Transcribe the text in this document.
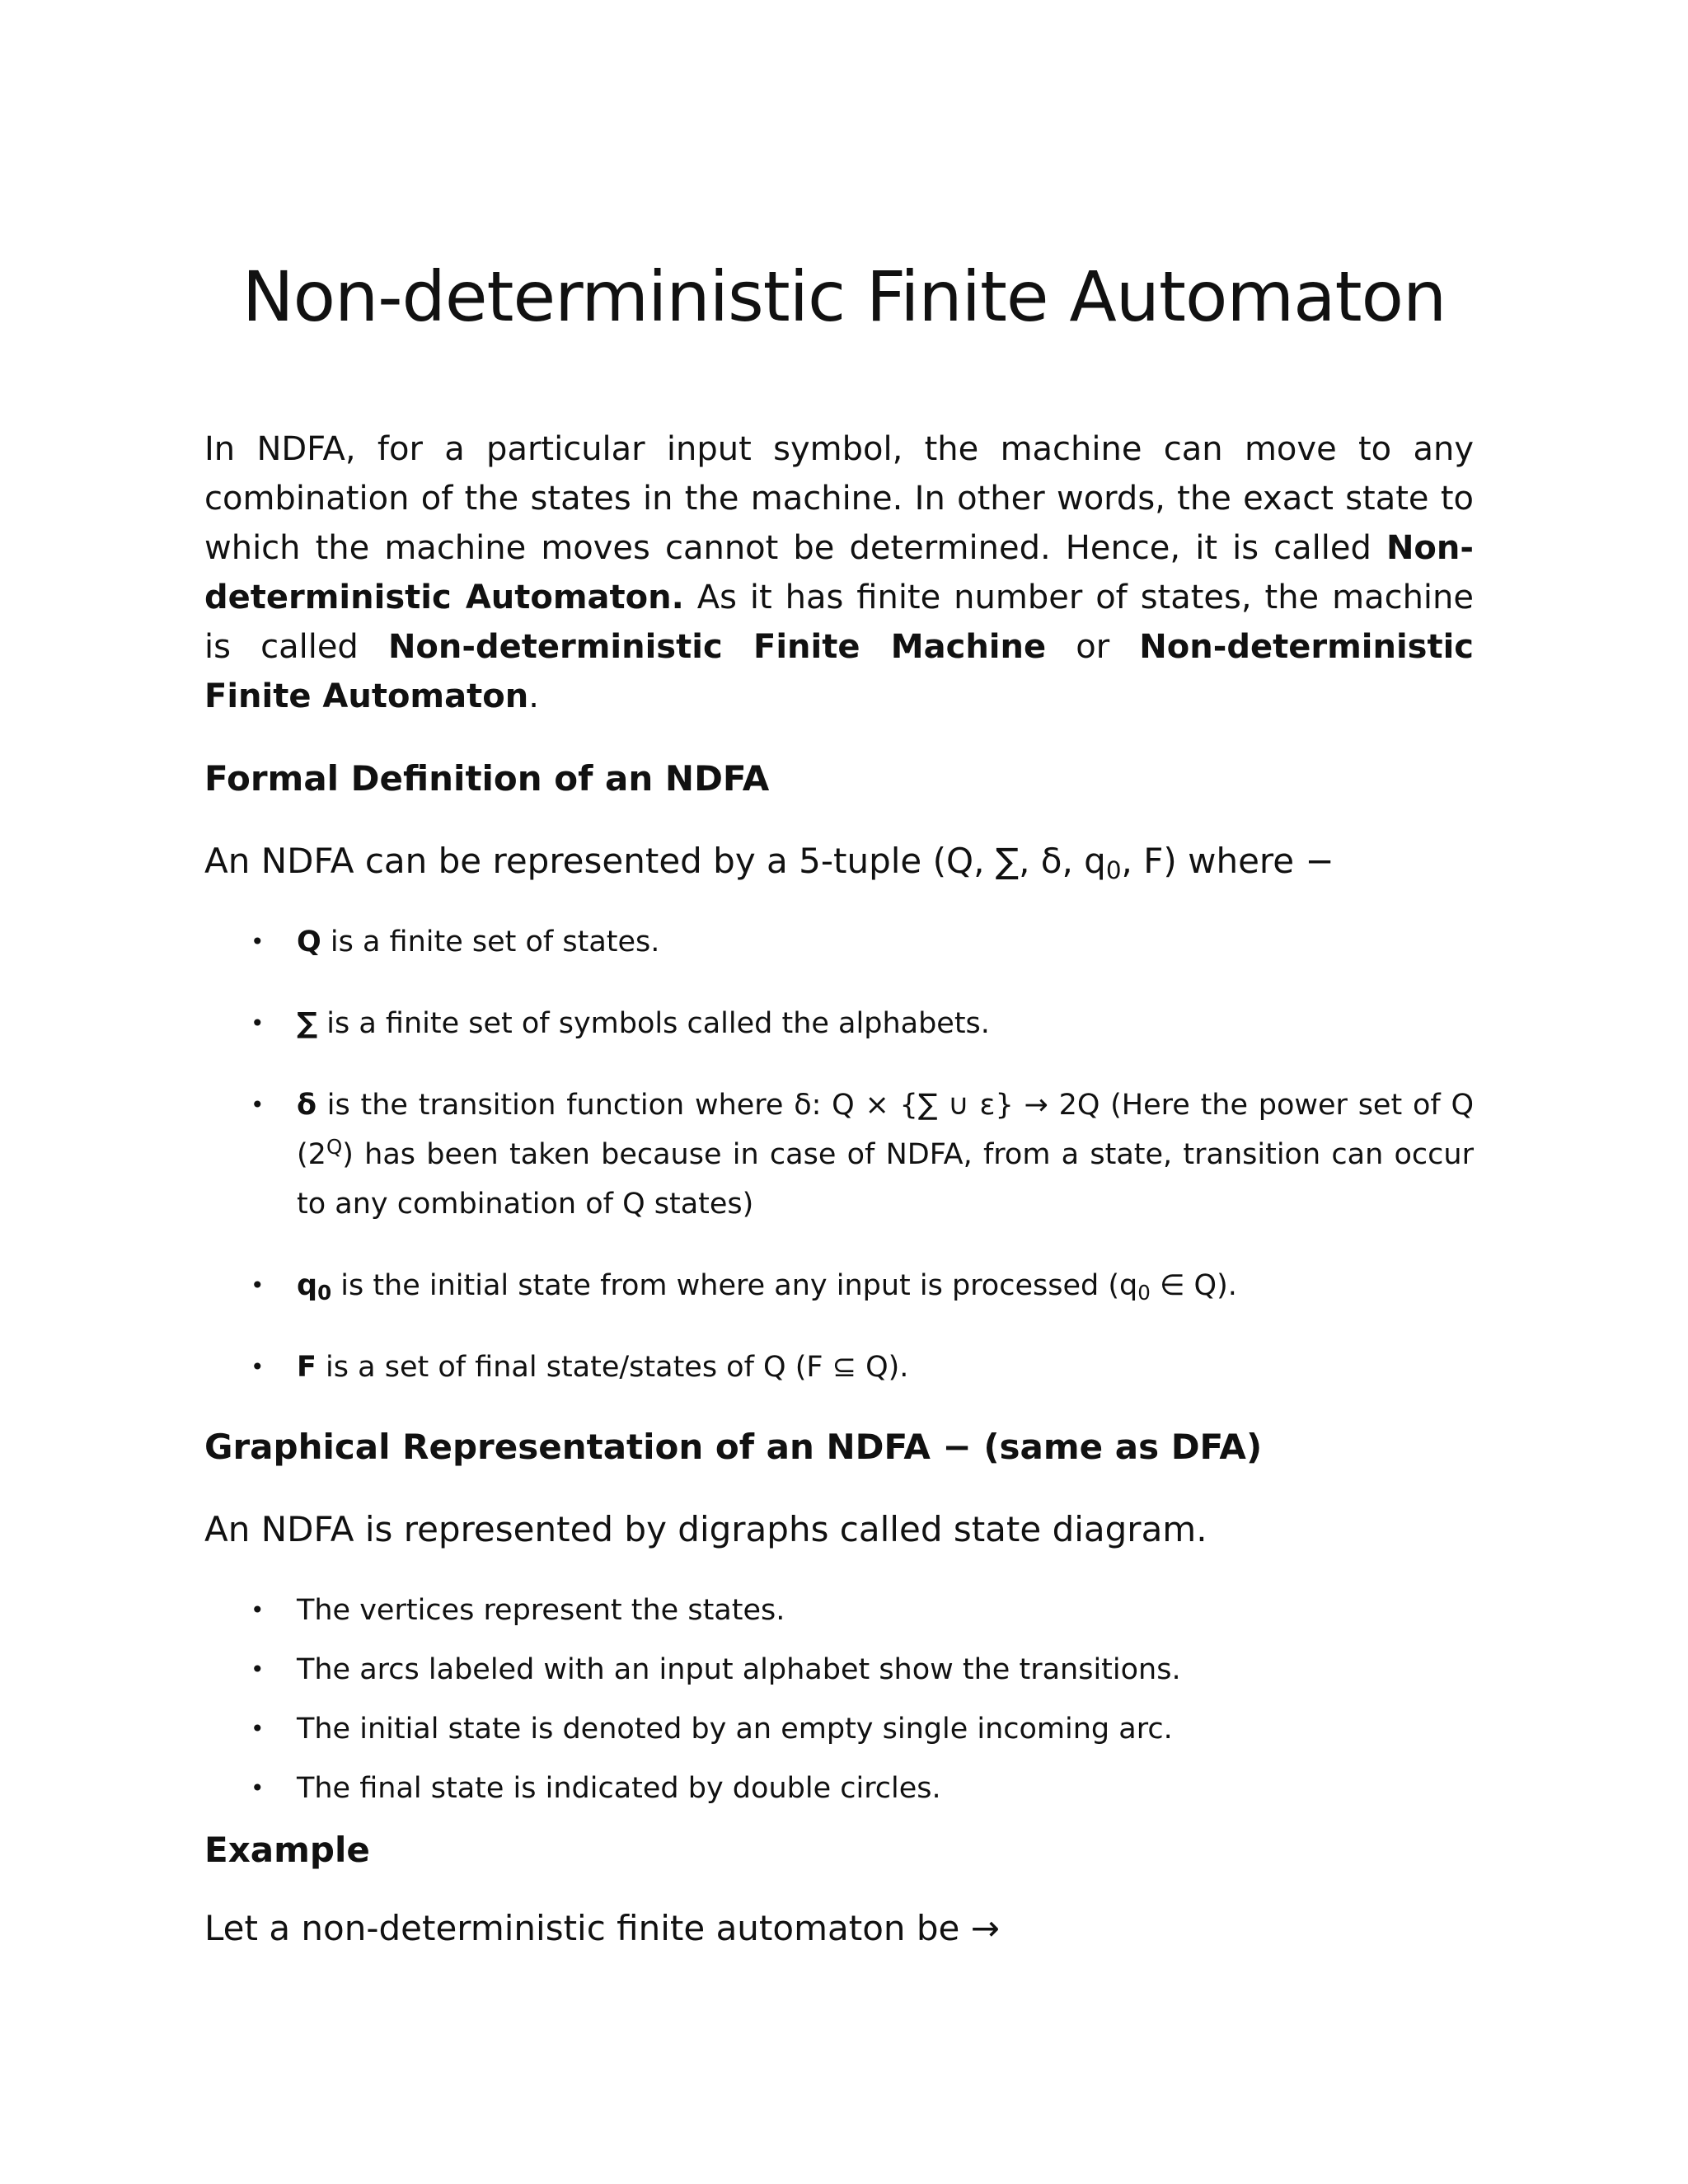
Non-deterministic Finite Automaton

In NDFA, for a particular input symbol, the machine can move to any combination of the states in the machine. In other words, the exact state to which the machine moves cannot be determined. Hence, it is called Non-deterministic Automaton. As it has finite number of states, the machine is called Non-deterministic Finite Machine or Non-deterministic Finite Automaton.

Formal Definition of an NDFA

An NDFA can be represented by a 5-tuple (Q, ∑, δ, q0, F) where −

• Q is a finite set of states.
• ∑ is a finite set of symbols called the alphabets.
• δ is the transition function where δ: Q × {∑ ∪ ε} → 2Q (Here the power set of Q $(2^Q)$ has been taken because in case of NDFA, from a state, transition can occur to any combination of Q states)
• q0 is the initial state from where any input is processed (q0 ∈ Q).
• F is a set of final state/states of Q (F ⊆ Q).
Graphical Representation of an NDFA − (same as DFA)

An NDFA is represented by digraphs called state diagram.

• The vertices represent the states.
• The arcs labeled with an input alphabet show the transitions.
• The initial state is denoted by an empty single incoming arc.
• The final state is indicated by double circles.
Example

Let a non-deterministic finite automaton be →
